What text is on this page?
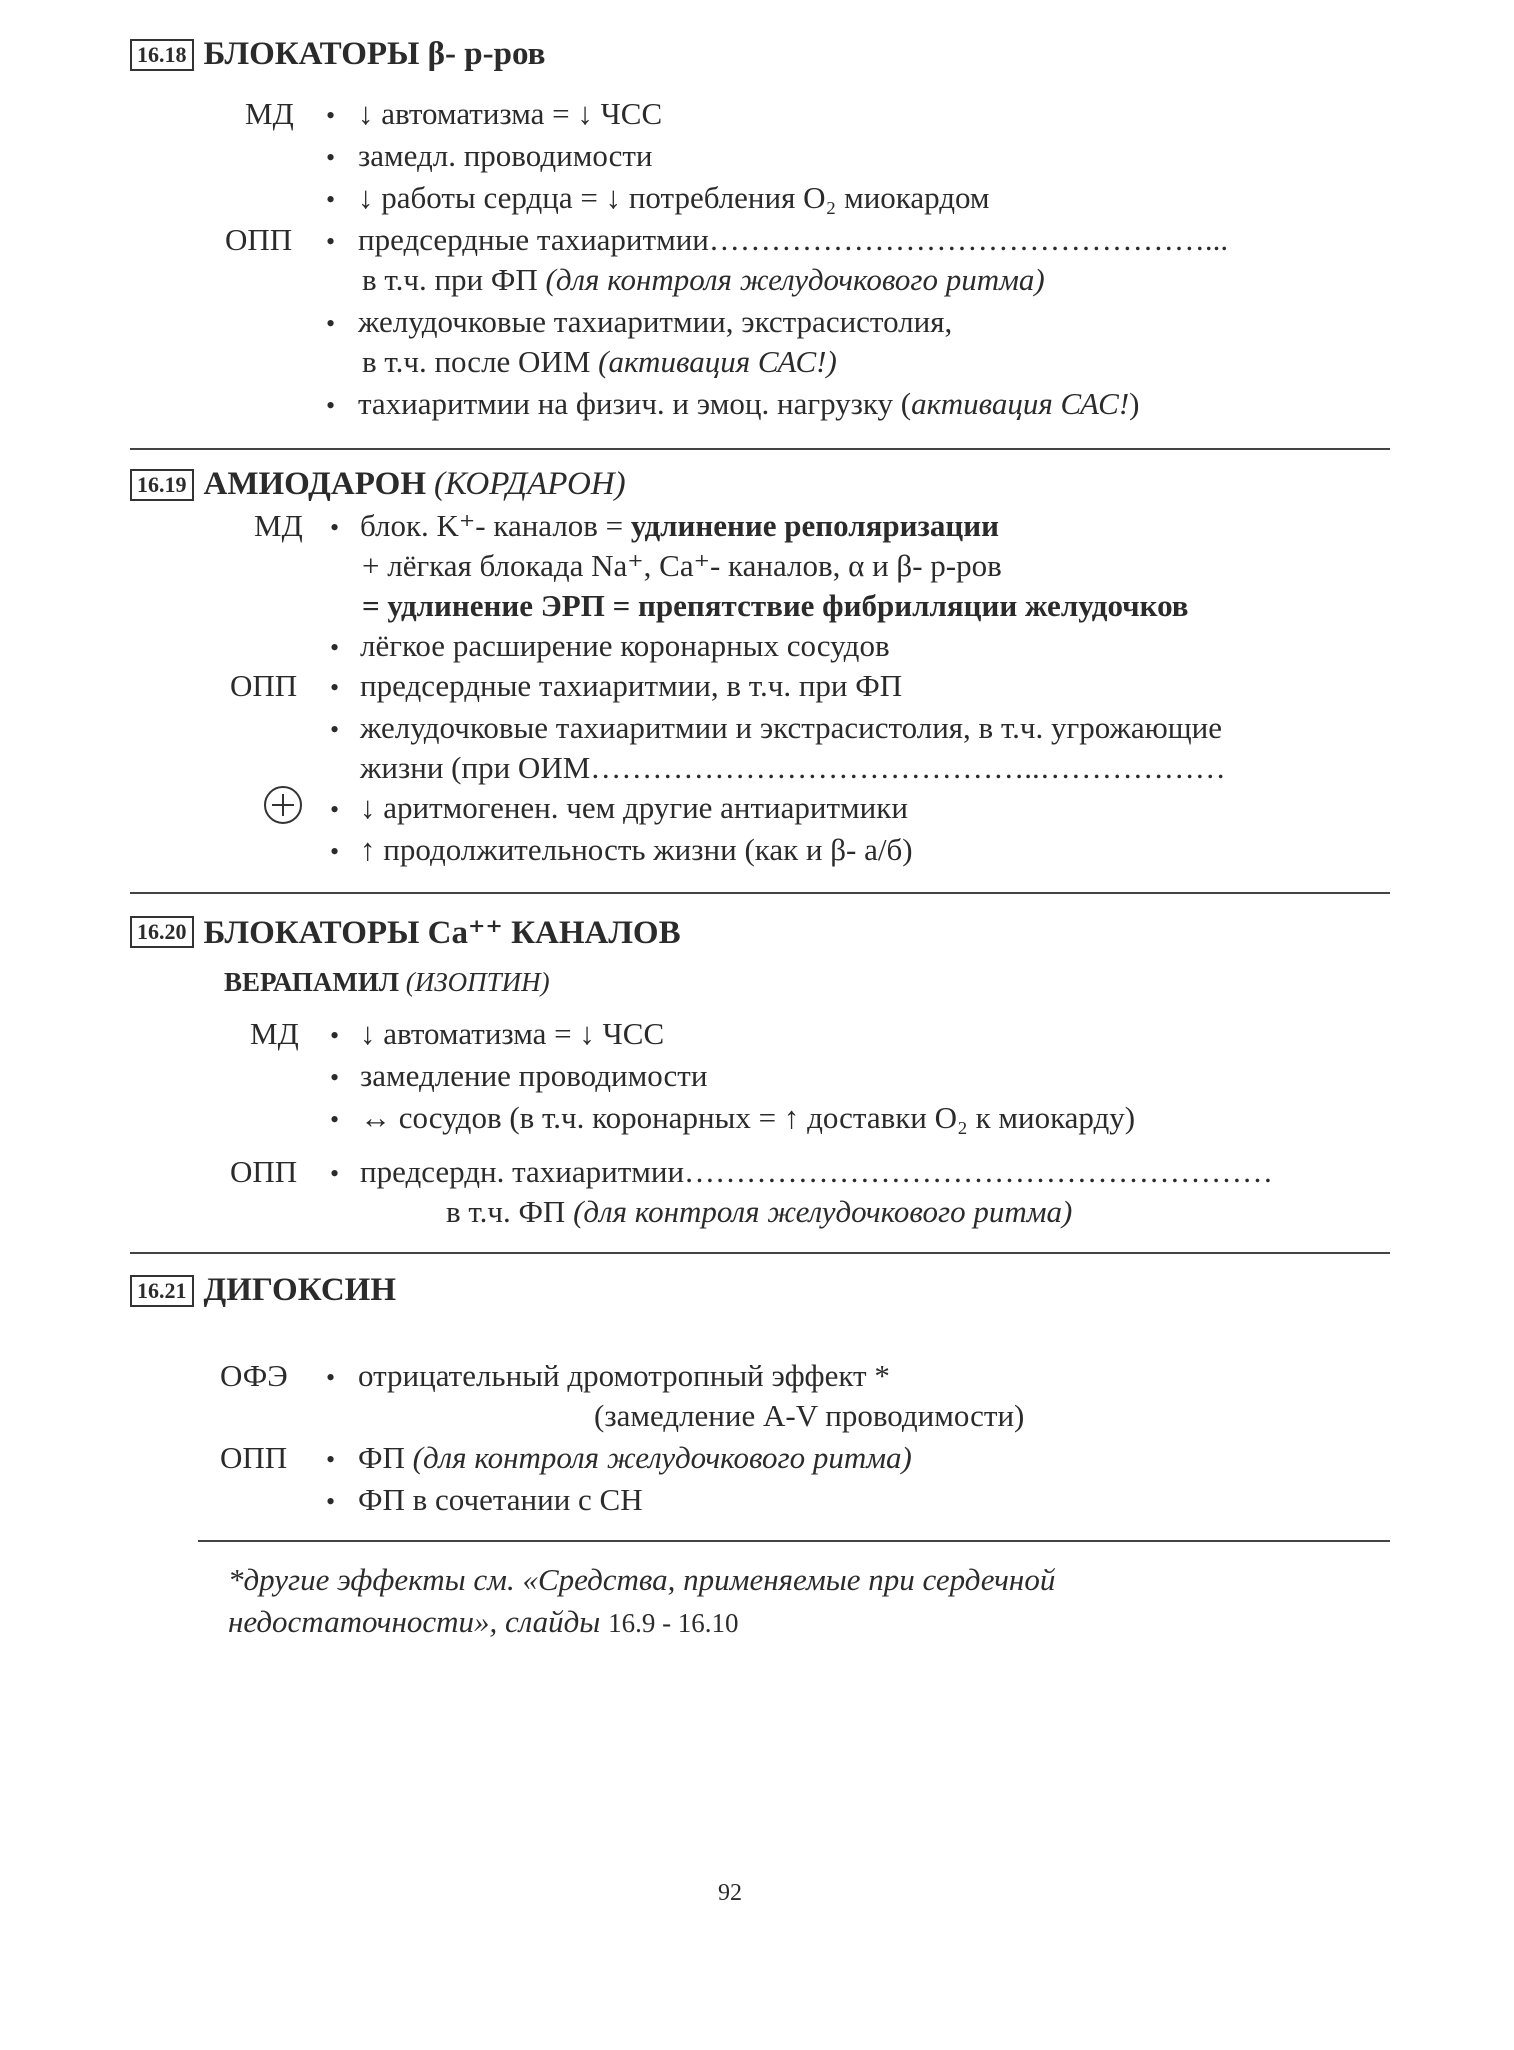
16.18 БЛОКАТОРЫ β- р-ров
МД • ↓ автоматизма = ↓ ЧСС
• замедл. проводимости
• ↓ работы сердца = ↓ потребления O₂ миокардом
ОПП • предсердные тахиаритмии…………………………………………...
в т.ч. при ФП (для контроля желудочкового ритма)
• желудочковые тахиаритмии, экстрасистолия,
в т.ч. после ОИМ (активация САС!)
• тахиаритмии на физич. и эмоц. нагрузку (активация САС!)
16.19 АМИОДАРОН (КОРДАРОН)
МД • блок. K⁺- каналов = удлинение реполяризации
+ лёгкая блокада Na⁺, Ca⁺- каналов, α и β- р-ров
= удлинение ЭРП = препятствие фибрилляции желудочков
• лёгкое расширение коронарных сосудов
ОПП • предсердные тахиаритмии, в т.ч. при ФП
• желудочковые тахиаритмии и экстрасистолия, в т.ч. угрожающие
жизни (при ОИМ……………………………………..………………
• ↓ аритмогенен. чем другие антиаритмики
• ↑ продолжительность жизни (как и β- а/б)
16.20 БЛОКАТОРЫ Ca⁺⁺ КАНАЛОВ
ВЕРАПАМИЛ (ИЗОПТИН)
МД • ↓ автоматизма = ↓ ЧСС
• замедление проводимости
• ↔ сосудов (в т.ч. коронарных = ↑ доставки O₂ к миокарду)
ОПП • предсердн. тахиаритмии…………………………………………………
в т.ч. ФП (для контроля желудочкового ритма)
16.21 ДИГОКСИН
ОФЭ • отрицательный дромотропный эффект *
(замедление A-V проводимости)
ОПП • ФП (для контроля желудочкового ритма)
• ФП в сочетании с СН
*другие эффекты см. «Средства, применяемые при сердечной
недостаточности», слайды 16.9 - 16.10
92
